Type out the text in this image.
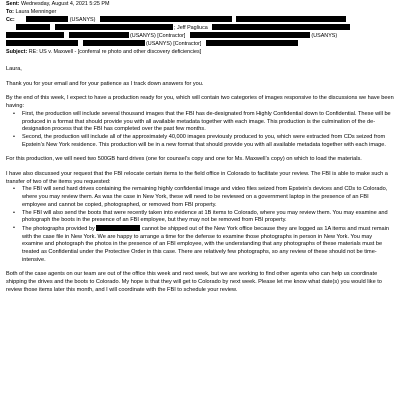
Sent: Wednesday, August 4, 2021 5:25 PM
To: Laura Menninger
Cc:	(USANYS)
; Jeff Pagliuca
(USANYS) [Contractor]	(USANYS)
(USANYS) [Contractor]
Subject: RE: US v. Maxwell - [conferral re photo and other discovery deficiencies]

Laura,

Thank you for your email and for your patience as I track down answers for you.

By the end of this week, I expect to have a production ready for you, which will contain two categories of images responsive to the discussions we have been having:

• First, the production will include several thousand images that the FBI has de-designated from Highly Confidential down to Confidential. These will be produced in a format that should provide you with all available metadata together with each image. This production is the culmination of the de-designation process that the FBI has completed over the past few months.
• Second, the production will include all of the approximately 40,000 images previously produced to you, which were extracted from CDs seized from Epstein’s New York residence. This production will be in a new format that should provide you with all available metadata together with each image.

For this production, we will need two 500GB hard drives (one for counsel’s copy and one for Ms. Maxwell’s copy) on which to load the materials.

I have also discussed your request that the FBI relocate certain items to the field office in Colorado to facilitate your review. The FBI is able to make such a transfer of two of the items you requested:

• The FBI will send hard drives containing the remaining highly confidential image and video files seized from Epstein’s devices and CDs to Colorado, where you may review them. As was the case in New York, these will need to be reviewed on a government laptop in the presence of an FBI employee and cannot be copied, photographed, or removed from FBI property.
• The FBI will also send the boots that were recently taken into evidence at 1B items to Colorado, where you may review them. You may examine and photograph the boots in the presence of an FBI employee, but they may not be removed from FBI property.
• The photographs provided by	cannot be shipped out of the New York office because they are logged as 1A items and must remain with the case file in New York. We are happy to arrange a time for the defense to examine those photographs in person in New York. You may examine and photograph the photos in the presence of an FBI employee, with the understanding that any photographs of these materials must be treated as Confidential under the Protective Order in this case. There are relatively few photographs, so any review of these should not be time-intensive.

Both of the case agents on our team are out of the office this week and next week, but we are working to find other agents who can help us coordinate shipping the drives and the boots to Colorado. My hope is that they will get to Colorado by next week. Please let me know what date(s) you would like to review those items later this month, and I will coordinate with the FBI to schedule your review.
